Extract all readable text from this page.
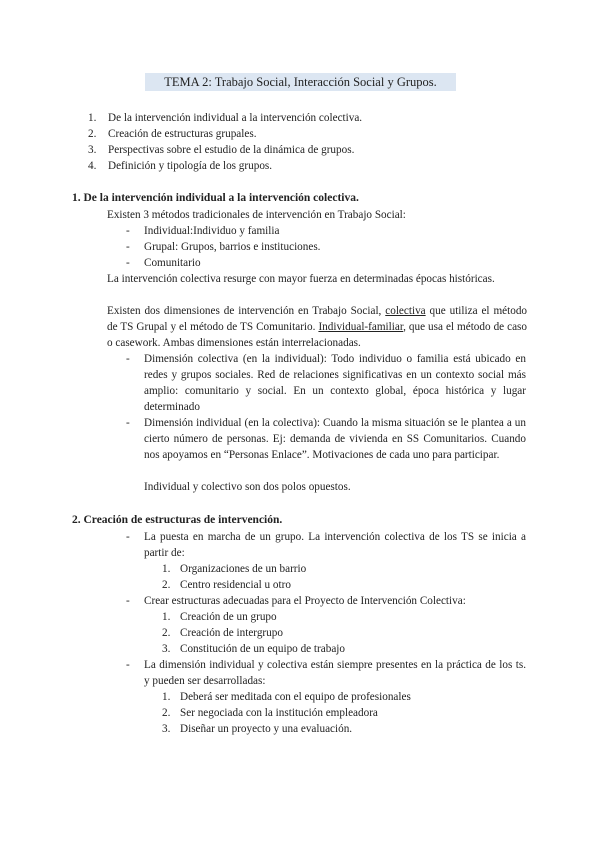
TEMA 2: Trabajo Social, Interacción Social y Grupos.
1.	De la intervención individual a la intervención colectiva.
2.	Creación de estructuras grupales.
3.	Perspectivas sobre el estudio de la dinámica de grupos.
4.	Definición y tipología de los grupos.
1. De la intervención individual a la intervención colectiva.
Existen 3 métodos tradicionales de intervención en Trabajo Social:
-	Individual:Individuo y familia
-	Grupal: Grupos, barrios e instituciones.
-	Comunitario
La intervención colectiva resurge con mayor fuerza en determinadas épocas históricas.
Existen dos dimensiones de intervención en Trabajo Social, colectiva que utiliza el método de TS Grupal y el método de TS Comunitario. Individual-familiar, que usa el método de caso o casework. Ambas dimensiones están interrelacionadas.
-	Dimensión colectiva (en la individual): Todo individuo o familia está ubicado en redes y grupos sociales. Red de relaciones significativas en un contexto social más amplio: comunitario y social. En un contexto global, época histórica y lugar determinado
-	Dimensión individual (en la colectiva): Cuando la misma situación se le plantea a un cierto número de personas. Ej: demanda de vivienda en SS Comunitarios. Cuando nos apoyamos en “Personas Enlace”. Motivaciones de cada uno para participar.
Individual y colectivo son dos polos opuestos.
2. Creación de estructuras de intervención.
-	La puesta en marcha de un grupo. La intervención colectiva de los TS se inicia a partir de:
1. Organizaciones de un barrio
2. Centro residencial u otro
-	Crear estructuras adecuadas para el Proyecto de Intervención Colectiva:
1. Creación de un grupo
2. Creación de intergrupo
3. Constitución de un equipo de trabajo
-	La dimensión individual y colectiva están siempre presentes en la práctica de los ts. y pueden ser desarrolladas:
1. Deberá ser meditada con el equipo de profesionales
2. Ser negociada con la institución empleadora
3. Diseñar un proyecto y una evaluación.
